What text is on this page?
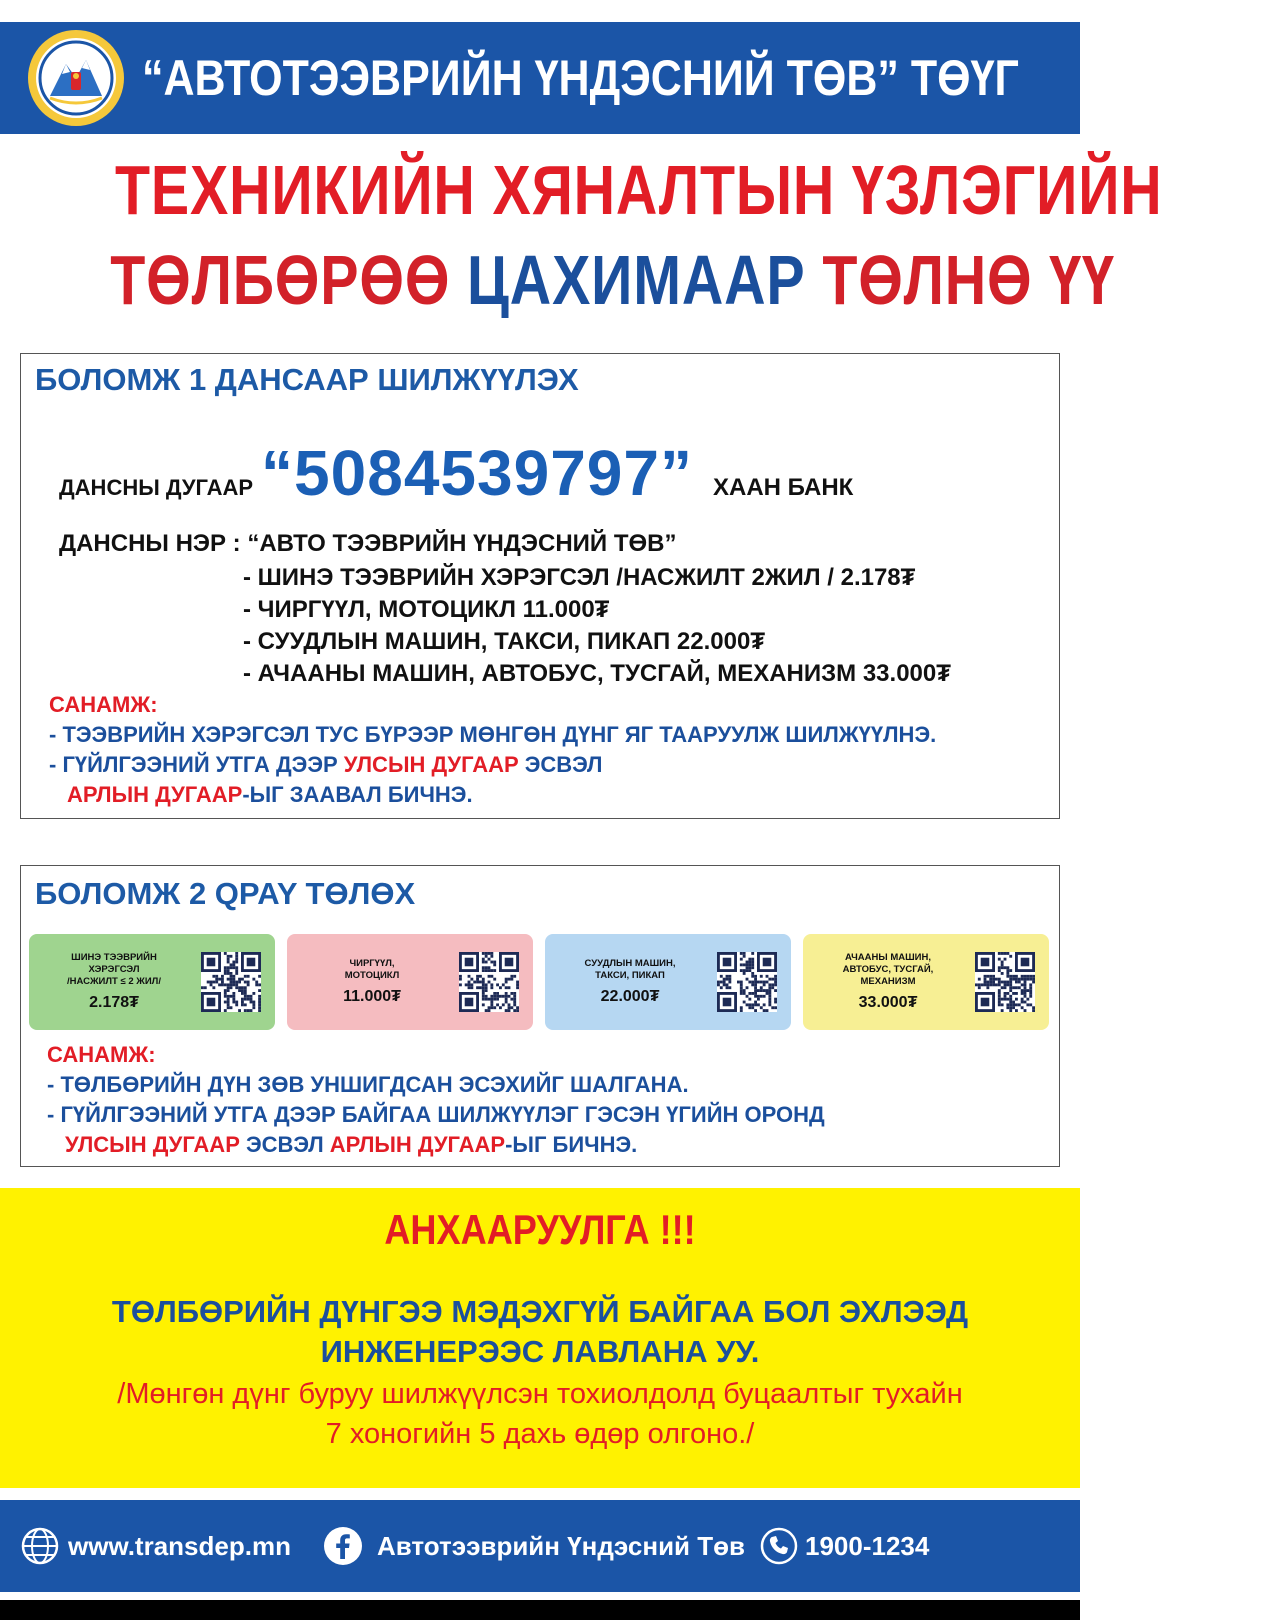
“АВТОТЭЭВРИЙН ҮНДЭСНИЙ ТӨВ” ТӨҮГ
ТЕХНИКИЙН ХЯНАЛТЫН ҮЗЛЭГИЙН
ТӨЛБӨРӨӨ ЦАХИМААР ТӨЛНӨ ҮҮ
БОЛОМЖ 1 ДАНСААР ШИЛЖҮҮЛЭХ
ДАНСНЫ ДУГААР “5084539797” ХААН БАНК
ДАНСНЫ НЭР : “АВТО ТЭЭВРИЙН ҮНДЭСНИЙ ТӨВ”
- ШИНЭ ТЭЭВРИЙН ХЭРЭГСЭЛ /НАСЖИЛТ 2ЖИЛ / 2.178₮
- ЧИРГҮҮЛ, МОТОЦИКЛ 11.000₮
- СУУДЛЫН МАШИН, ТАКСИ, ПИКАП 22.000₮
- АЧААНЫ МАШИН, АВТОБУС, ТУСГАЙ, МЕХАНИЗМ 33.000₮
САНАМЖ:
- ТЭЭВРИЙН ХЭРЭГСЭЛ ТУС БҮРЭЭР МӨНГӨН ДҮНГ ЯГ ТААРУУЛЖ ШИЛЖҮҮЛНЭ.
- ГҮЙЛГЭЭНИЙ УТГА ДЭЭР УЛСЫН ДУГААР ЭСВЭЛ
АРЛЫН ДУГААР-ЫГ ЗААВАЛ БИЧНЭ.
БОЛОМЖ 2 QPAY ТӨЛӨХ
ШИНЭ ТЭЭВРИЙН
ХЭРЭГСЭЛ
/НАСЖИЛТ ≤ 2 ЖИЛ/
2.178₮
ЧИРГҮҮЛ,
МОТОЦИКЛ
11.000₮
СУУДЛЫН МАШИН,
ТАКСИ, ПИКАП
22.000₮
АЧААНЫ МАШИН,
АВТОБУС, ТУСГАЙ,
МЕХАНИЗМ
33.000₮
САНАМЖ:
- ТӨЛБӨРИЙН ДҮН ЗӨВ УНШИГДСАН ЭСЭХИЙГ ШАЛГАНА.
- ГҮЙЛГЭЭНИЙ УТГА ДЭЭР БАЙГАА ШИЛЖҮҮЛЭГ ГЭСЭН ҮГИЙН ОРОНД
УЛСЫН ДУГААР ЭСВЭЛ АРЛЫН ДУГААР-ЫГ БИЧНЭ.
АНХААРУУЛГА !!!
ТӨЛБӨРИЙН ДҮНГЭЭ МЭДЭХГҮЙ БАЙГАА БОЛ ЭХЛЭЭД
ИНЖЕНЕРЭЭС ЛАВЛАНА УУ.
/Мөнгөн дүнг буруу шилжүүлсэн тохиолдолд буцаалтыг тухайн
7 хоногийн 5 дахь өдөр олгоно./
www.transdep.mn	Автотээврийн Үндэсний Төв 1900-1234
